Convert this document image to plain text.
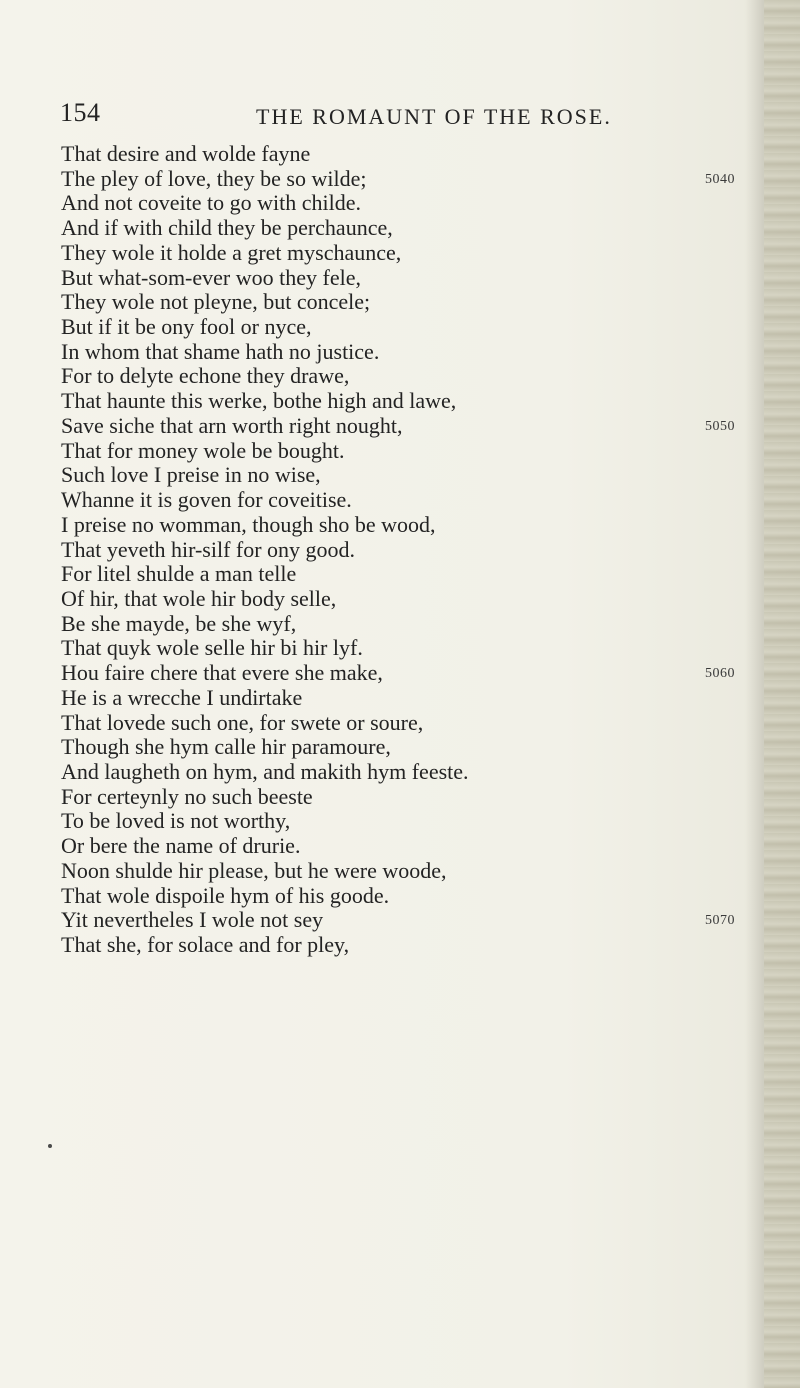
154	THE ROMAUNT OF THE ROSE.
That desire and wolde fayne
The pley of love, they be so wilde;	5040
And not coveite to go with childe.
And if with child they be perchaunce,
They wole it holde a gret myschaunce,
But what-som-ever woo they fele,
They wole not pleyne, but concele;
But if it be ony fool or nyce,
In whom that shame hath no justice.
For to delyte echone they drawe,
That haunte this werke, bothe high and lawe,
Save siche that arn worth right nought,	5050
That for money wole be bought.
Such love I preise in no wise,
Whanne it is goven for coveitise.
I preise no womman, though sho be wood,
That yeveth hir-silf for ony good.
For litel shulde a man telle
Of hir, that wole hir body selle,
Be she mayde, be she wyf,
That quyk wole selle hir bi hir lyf.
Hou faire chere that evere she make,	5060
He is a wrecche I undirtake
That lovede such one, for swete or soure,
Though she hym calle hir paramoure,
And laugheth on hym, and makith hym feeste.
For certeynly no such beeste
To be loved is not worthy,
Or bere the name of drurie.
Noon shulde hir please, but he were woode,
That wole dispoile hym of his goode.
Yit nevertheles I wole not sey	5070
That she, for solace and for pley,
